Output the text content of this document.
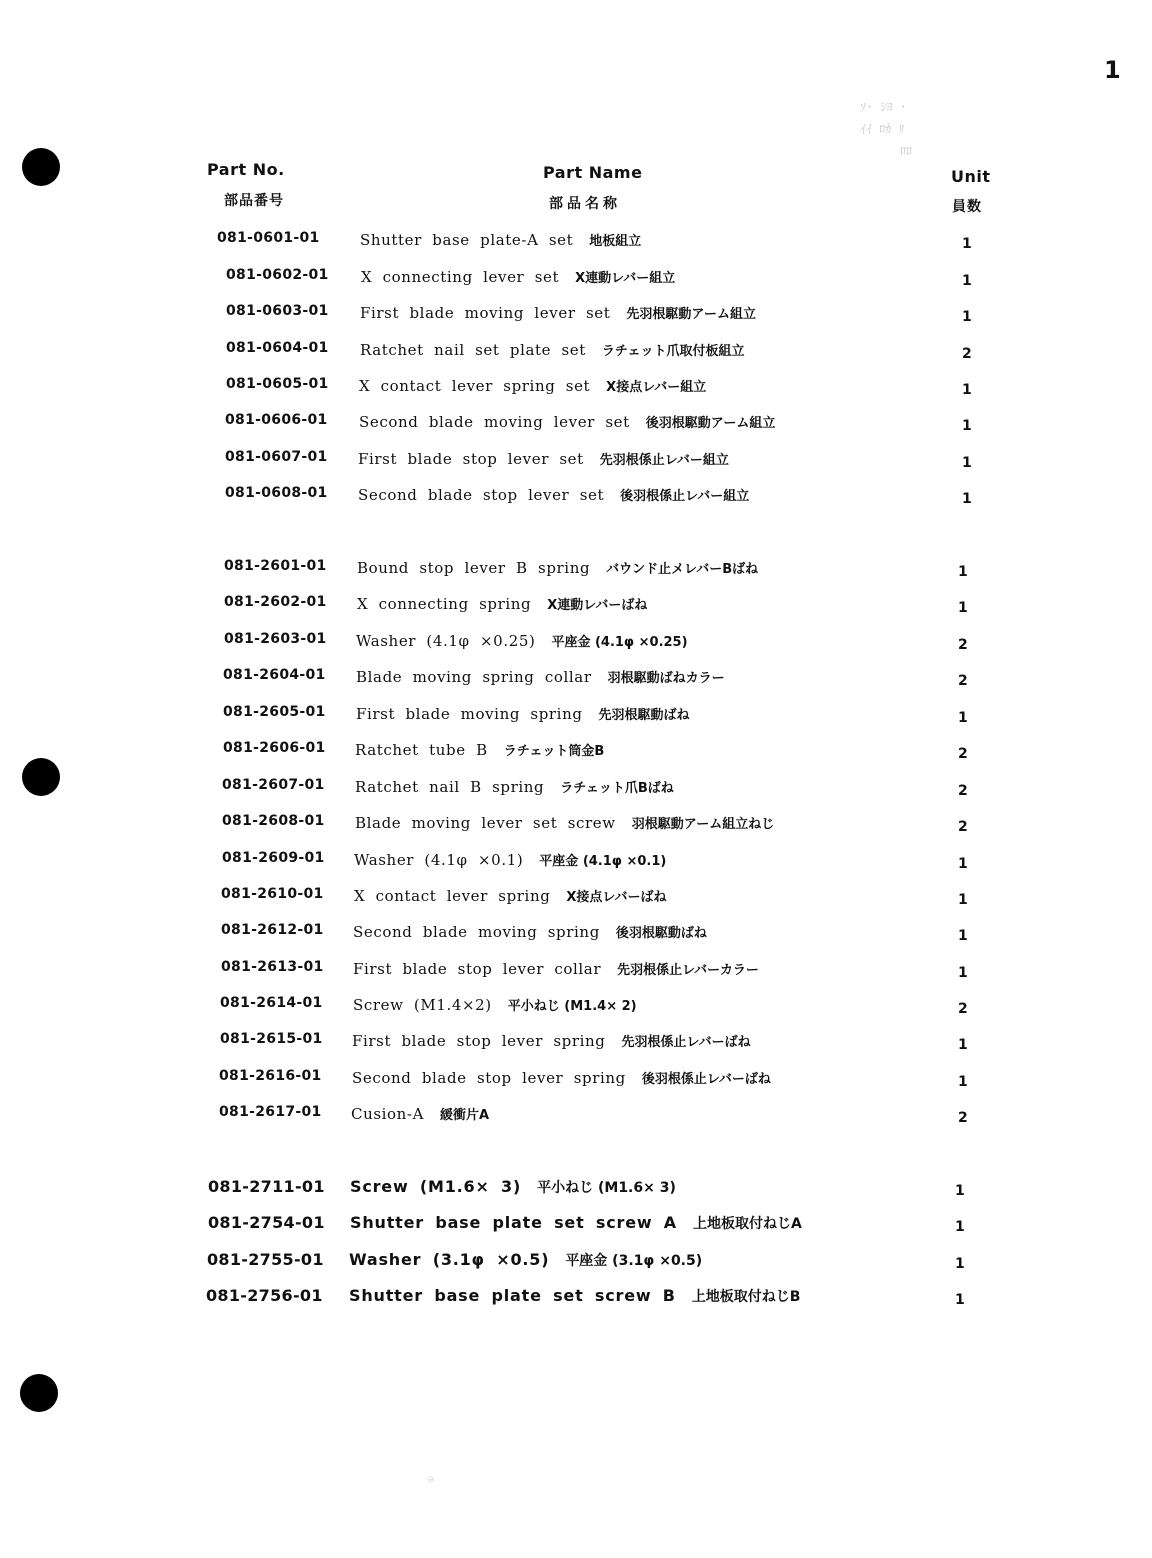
1
ｿ· ｼﾖ ·
ｲｲ ﾛｶ ﾘ
ﾛﾛ
Part No.
部品番号
Part Name
部品名称
Unit
員数
081-0601-01	Shutter base plate-A set 地板組立	1
081-0602-01 X connecting lever set X連動レバー組立	1
081-0603-01 First blade moving lever set 先羽根駆動アーム組立	1
081-0604-01 Ratchet nail set plate set ラチェット爪取付板組立	2
081-0605-01 X contact lever spring set X接点レバー組立	1
081-0606-01 Second blade moving lever set 後羽根駆動アーム組立	1
081-0607-01 First blade stop lever set 先羽根係止レバー組立	1
081-0608-01 Second blade stop lever set 後羽根係止レバー組立	1
081-2601-01 Bound stop lever B spring バウンド止メレバーBばね	1
081-2602-01 X connecting spring X連動レバーばね	1
081-2603-01 Washer (4.1φ ×0.25) 平座金 (4.1φ ×0.25)	2
081-2604-01 Blade moving spring collar 羽根駆動ばねカラー	2
081-2605-01 First blade moving spring 先羽根駆動ばね	1
081-2606-01 Ratchet tube B ラチェット筒金B	2
081-2607-01 Ratchet nail B spring ラチェット爪Bばね	2
081-2608-01 Blade moving lever set screw 羽根駆動アーム組立ねじ	2
081-2609-01 Washer (4.1φ ×0.1) 平座金 (4.1φ ×0.1)	1
081-2610-01 X contact lever spring X接点レバーばね	1
081-2612-01 Second blade moving spring 後羽根駆動ばね	1
081-2613-01 First blade stop lever collar 先羽根係止レバーカラー	1
081-2614-01 Screw (M1.4×2) 平小ねじ (M1.4× 2)	2
081-2615-01 First blade stop lever spring 先羽根係止レバーばね	1
081-2616-01 Second blade stop lever spring 後羽根係止レバーばね	1
081-2617-01 Cusion-A 緩衝片A	2
081-2711-01 Screw (M1.6× 3) 平小ねじ (M1.6× 3)	1
081-2754-01 Shutter base plate set screw A 上地板取付ねじA	1
081-2755-01 Washer (3.1φ ×0.5) 平座金 (3.1φ ×0.5)	1
081-2756-01 Shutter base plate set screw B 上地板取付ねじB	1
ə
